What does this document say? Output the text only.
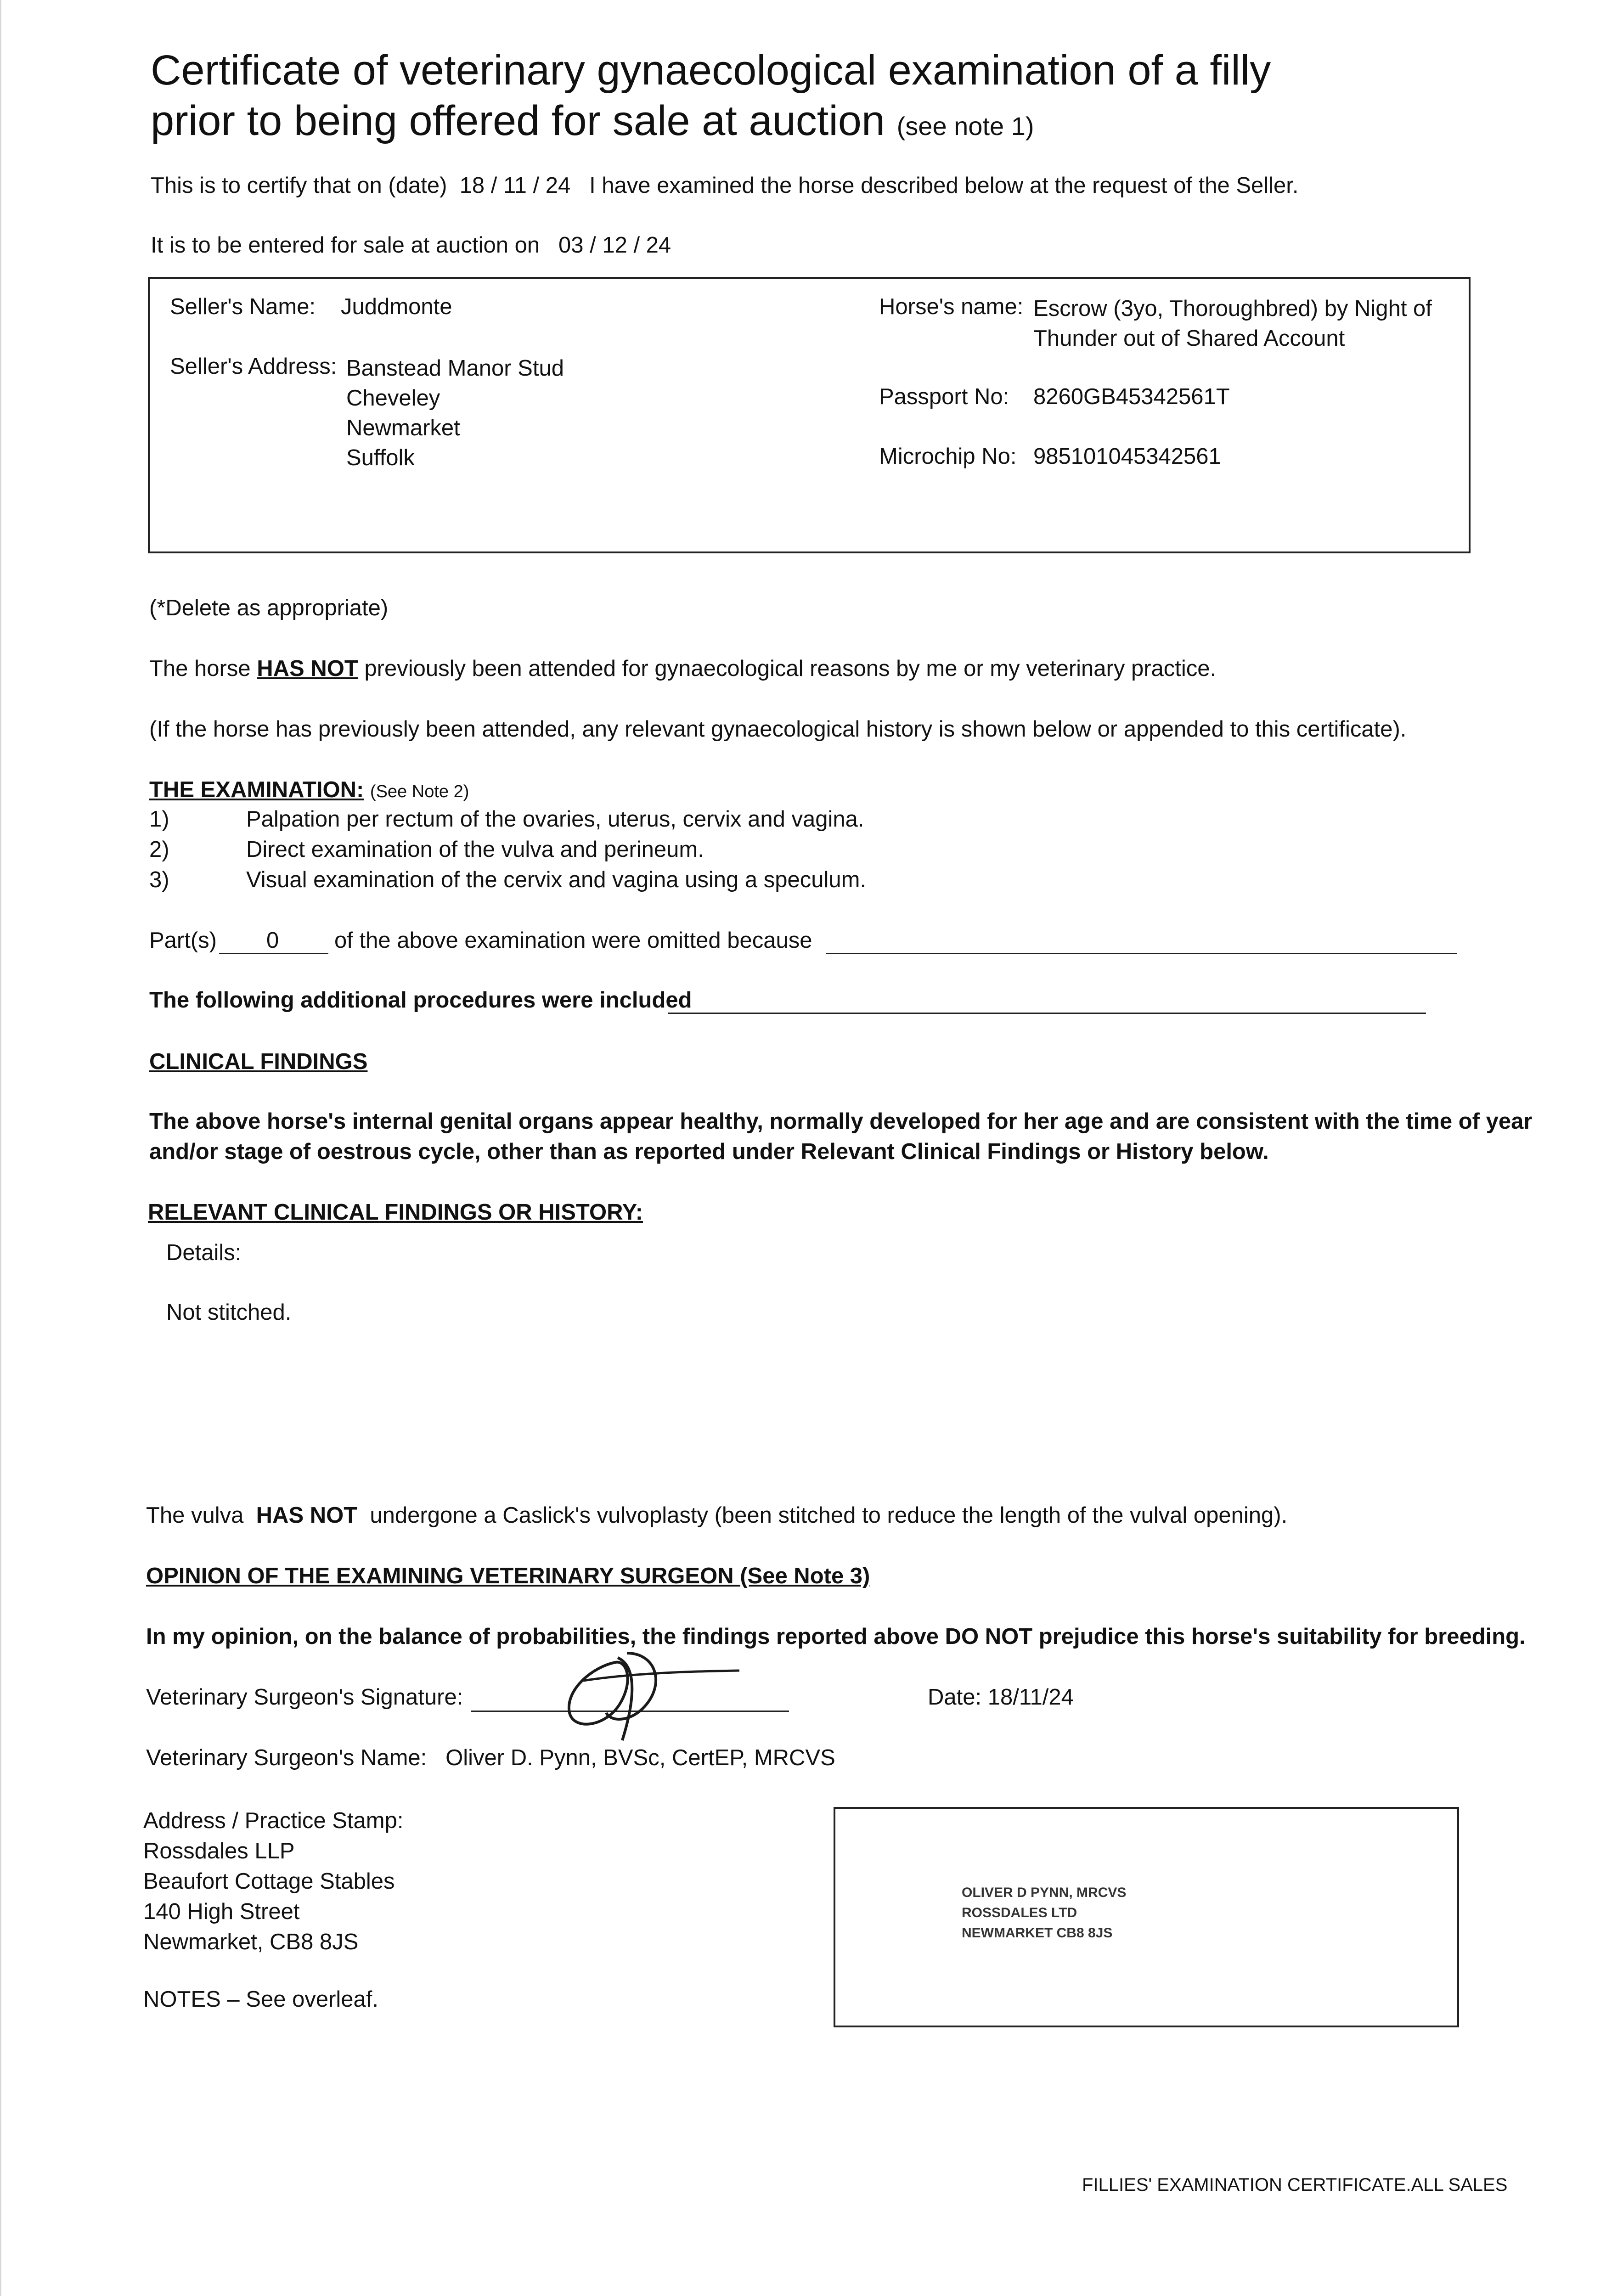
Certificate of veterinary gynaecological examination of a filly
prior to being offered for sale at auction (see note 1)
This is to certify that on (date) 18 / 11 / 24 I have examined the horse described below at the request of the Seller.
It is to be entered for sale at auction on 03 / 12 / 24
Seller's Name: Juddmonte
Seller's Address: Banstead Manor Stud
Cheveley
Newmarket
Suffolk
Horse's name: Escrow (3yo, Thoroughbred) by Night of
Thunder out of Shared Account
Passport No: 8260GB45342561T
Microchip No: 985101045342561
(*Delete as appropriate)
The horse HAS NOT previously been attended for gynaecological reasons by me or my veterinary practice.
(If the horse has previously been attended, any relevant gynaecological history is shown below or appended to this certificate).
THE EXAMINATION: (See Note 2)
1)	Palpation per rectum of the ovaries, uterus, cervix and vagina.
2)	Direct examination of the vulva and perineum.
3)	Visual examination of the cervix and vagina using a speculum.
Part(s) 0 of the above examination were omitted because
The following additional procedures were included
CLINICAL FINDINGS
The above horse's internal genital organs appear healthy, normally developed for her age and are consistent with the time of year
and/or stage of oestrous cycle, other than as reported under Relevant Clinical Findings or History below.
RELEVANT CLINICAL FINDINGS OR HISTORY:
Details:
Not stitched.
The vulva HAS NOT undergone a Caslick's vulvoplasty (been stitched to reduce the length of the vulval opening).
OPINION OF THE EXAMINING VETERINARY SURGEON (See Note 3)
In my opinion, on the balance of probabilities, the findings reported above DO NOT prejudice this horse's suitability for breeding.
Veterinary Surgeon's Signature:	Date: 18/11/24
Veterinary Surgeon's Name: Oliver D. Pynn, BVSc, CertEP, MRCVS
Address / Practice Stamp:
Rossdales LLP
Beaufort Cottage Stables
140 High Street
Newmarket, CB8 8JS
OLIVER D PYNN, MRCVS
ROSSDALES LTD
NEWMARKET CB8 8JS
NOTES – See overleaf.
FILLIES' EXAMINATION CERTIFICATE.ALL SALES
